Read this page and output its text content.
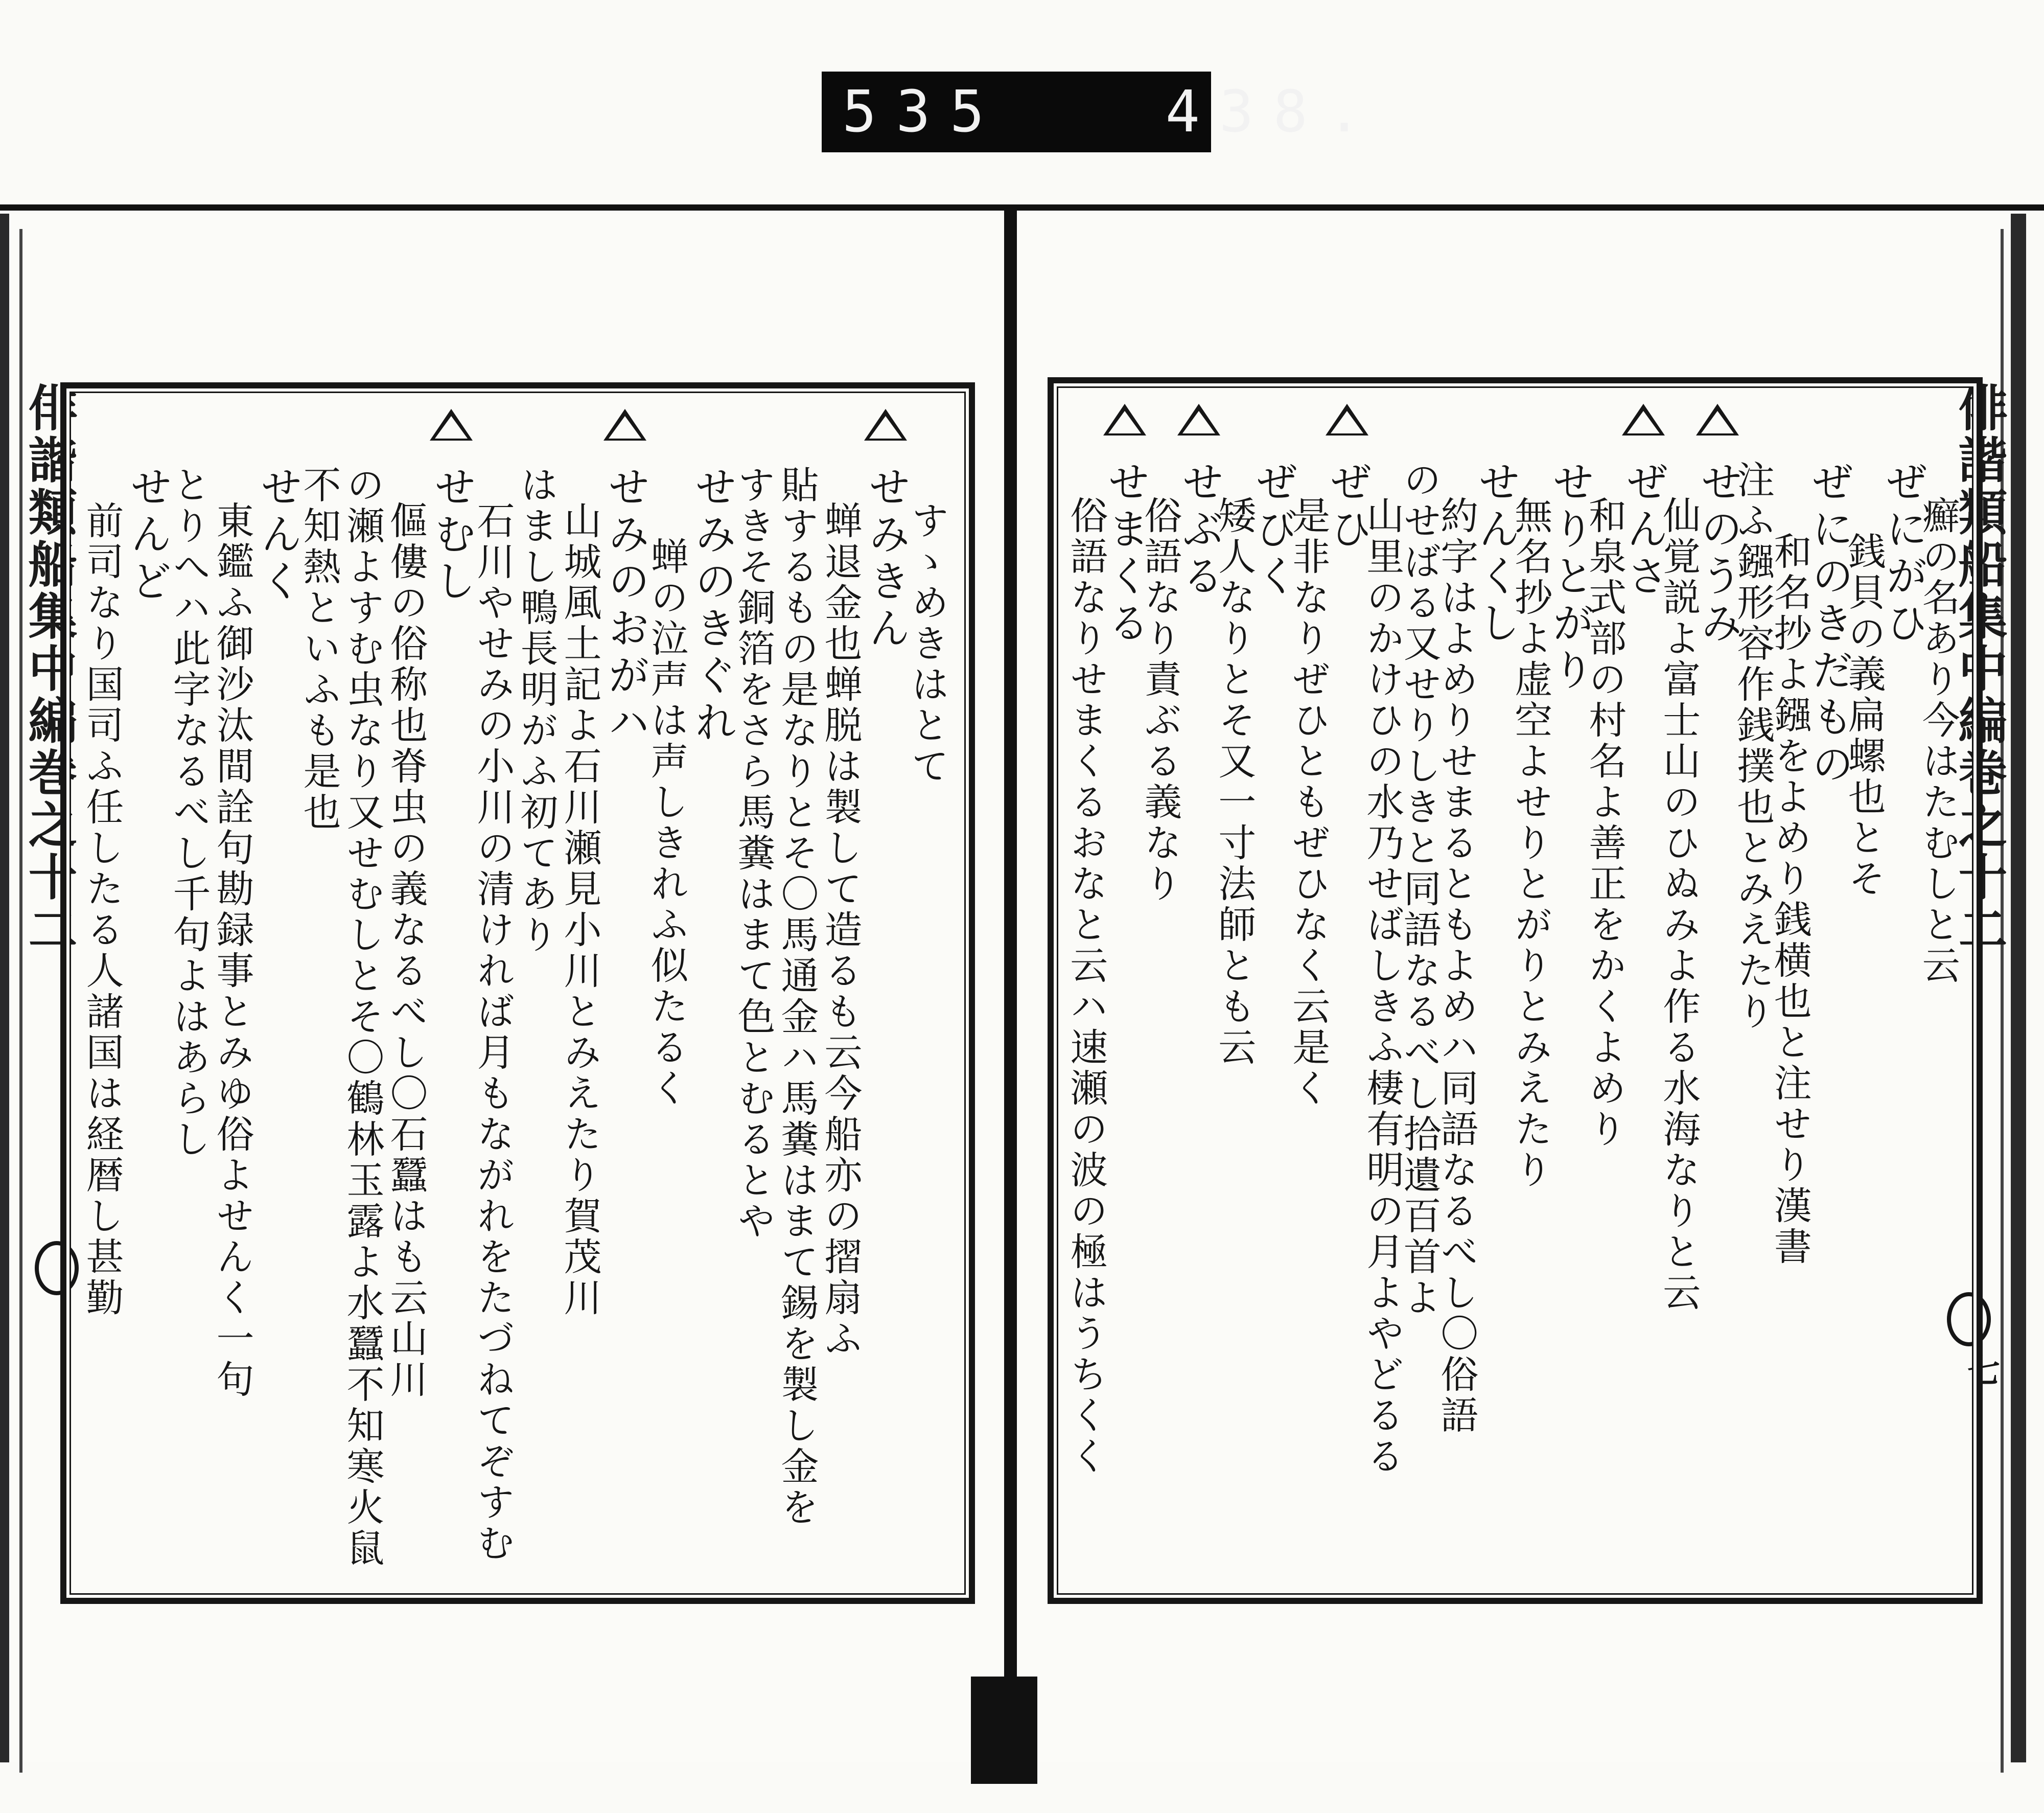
535   438.
俳諧類船集中編巻之十二	すゝめきはとて
せみきん
蝉退金也蝉脱は製して造るも云今船亦の摺扇ふ
貼するもの是なりとそ〇馬通金ハ馬糞はまて錫を製し金を
すきそ銅箔をさら馬糞はまて色とむるとや
せみのきぐれ
蝉の泣声は声しきれふ似たるく
せみのおがハ
山城風土記よ石川瀬見小川とみえたり賀茂川
はまし鴨長明がふ初てあり
石川やせみの小川の清ければ月もながれをたづねてぞすむ
せむし
傴僂の俗称也脊虫の義なるべし〇石蠶はも云山川
の瀬よすむ虫なり又せむしとそ〇鶴林玉露よ水蠶不知寒火鼠
不知熱といふも是也
せんく
東鑑ふ御沙汰間詮句勘録事とみゆ俗よせんく一句
とりへハ此字なるべし千句よはあらし
せんど
前司なり国司ふ任したる人諸国は経暦し甚勤	俳諧類船集中編巻之十二
七
癬の名あり今はたむしと云
ぜにがひ
銭貝の義扁螺也とそ
ぜにのきだもの
和名抄よ鏹をよめり銭横也と注せり漢書
注ふ鏹形容作銭撲也とみえたり
せのうみ
仙覚説よ富士山のひぬみよ作る水海なりと云
ぜんさ
和泉式部の村名よ善正をかくよめり
せりとがり
無名抄よ虚空よせりとがりとみえたり
せんくし
約字はよめりせまるともよめハ同語なるべし〇俗語
のせばる又せりしきと同語なるべし拾遺百首よ
山里のかけひの水乃せばしきふ棲有明の月よやどるる
ぜひ
是非なりぜひともぜひなく云是く
ぜびく
矮人なりとそ又一寸法師とも云
せぶる
俗語なり責ぶる義なり
せまくる
俗語なりせまくるおなと云ハ速瀬の波の極はうちくく
